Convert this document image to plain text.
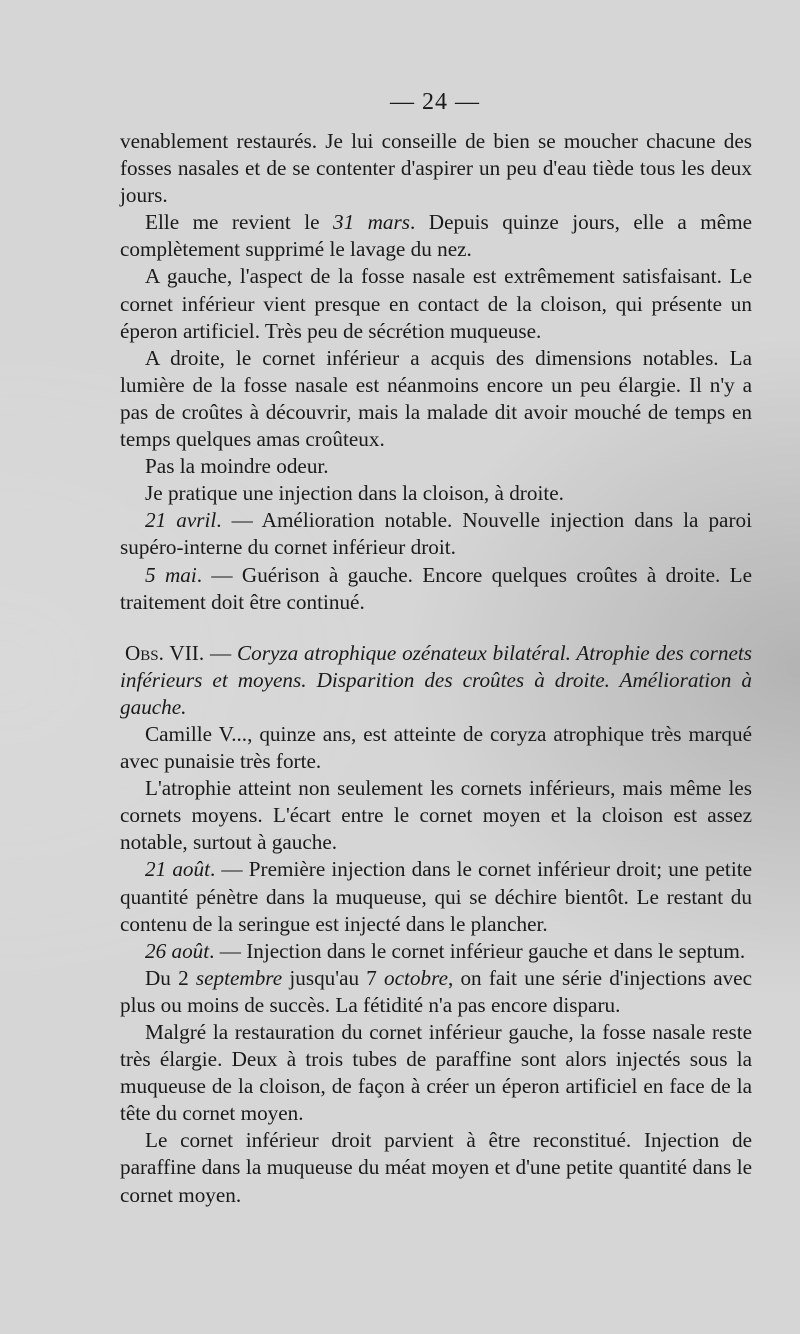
— 24 —

venablement restaurés. Je lui conseille de bien se moucher chacune des fosses nasales et de se contenter d'aspirer un peu d'eau tiède tous les deux jours.

Elle me revient le 31 mars. Depuis quinze jours, elle a même complètement supprimé le lavage du nez.

A gauche, l'aspect de la fosse nasale est extrêmement satisfaisant. Le cornet inférieur vient presque en contact de la cloison, qui présente un éperon artificiel. Très peu de sécrétion muqueuse.

A droite, le cornet inférieur a acquis des dimensions notables. La lumière de la fosse nasale est néanmoins encore un peu élargie. Il n'y a pas de croûtes à découvrir, mais la malade dit avoir mouché de temps en temps quelques amas croûteux.

Pas la moindre odeur.

Je pratique une injection dans la cloison, à droite.

21 avril. — Amélioration notable. Nouvelle injection dans la paroi supéro-interne du cornet inférieur droit.

5 mai. — Guérison à gauche. Encore quelques croûtes à droite. Le traitement doit être continué.

Obs. VII. — Coryza atrophique ozénateux bilatéral. Atrophie des cornets inférieurs et moyens. Disparition des croûtes à droite. Amélioration à gauche.

Camille V..., quinze ans, est atteinte de coryza atrophique très marqué avec punaisie très forte.

L'atrophie atteint non seulement les cornets inférieurs, mais même les cornets moyens. L'écart entre le cornet moyen et la cloison est assez notable, surtout à gauche.

21 août. — Première injection dans le cornet inférieur droit; une petite quantité pénètre dans la muqueuse, qui se déchire bientôt. Le restant du contenu de la seringue est injecté dans le plancher.

26 août. — Injection dans le cornet inférieur gauche et dans le septum.

Du 2 septembre jusqu'au 7 octobre, on fait une série d'injections avec plus ou moins de succès. La fétidité n'a pas encore disparu.

Malgré la restauration du cornet inférieur gauche, la fosse nasale reste très élargie. Deux à trois tubes de paraffine sont alors injectés sous la muqueuse de la cloison, de façon à créer un éperon artificiel en face de la tête du cornet moyen.

Le cornet inférieur droit parvient à être reconstitué. Injection de paraffine dans la muqueuse du méat moyen et d'une petite quantité dans le cornet moyen.
